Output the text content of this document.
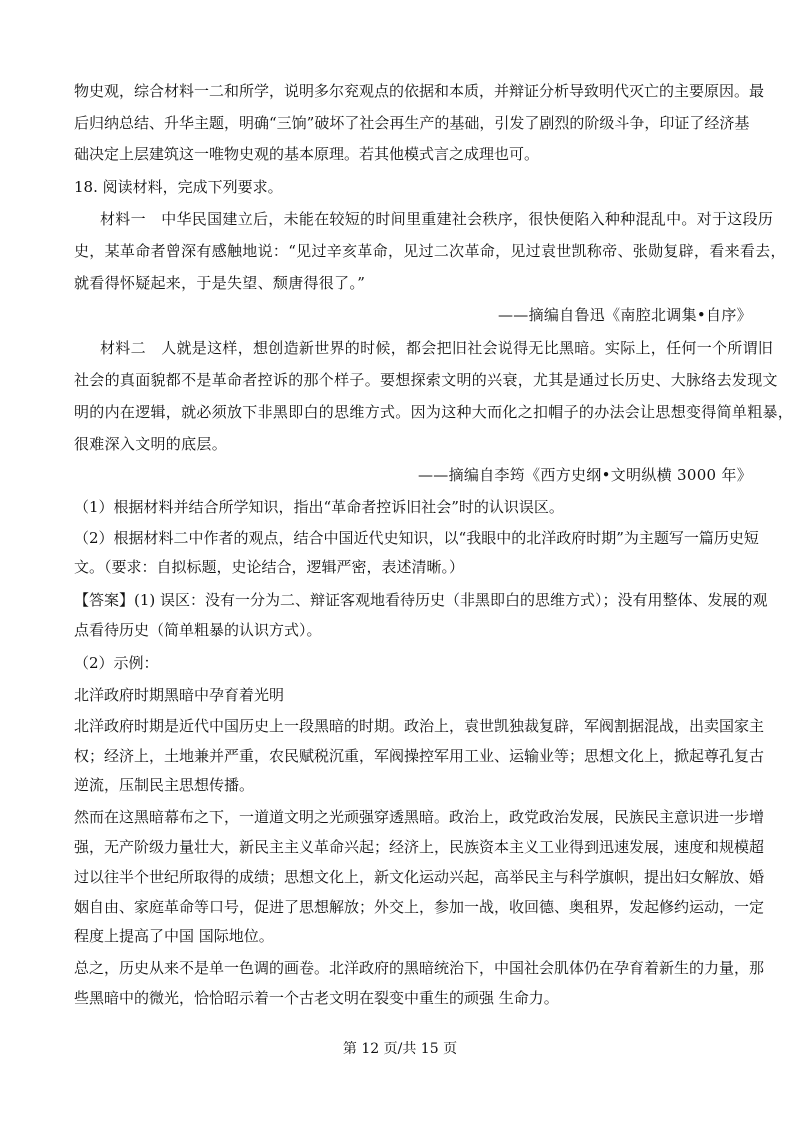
物史观，综合材料一二和所学，说明多尔兖观点的依据和本质，并辩证分析导致明代灭亡的主要原因。最
后归纳总结、升华主题，明确“三饷”破坏了社会再生产的基础，引发了剧烈的阶级斗争，印证了经济基
础决定上层建筑这一唯物史观的基本原理。若其他模式言之成理也可。
18. 阅读材料，完成下列要求。
材料一　中华民国建立后，未能在较短的时间里重建社会秩序，很快便陷入种种混乱中。对于这段历
史，某革命者曾深有感触地说：“见过辛亥革命，见过二次革命，见过袁世凯称帝、张勋复辟，看来看去，
就看得怀疑起来，于是失望、颓唐得很了。”
——摘编自鲁迅《南腔北调集•自序》
材料二　人就是这样，想创造新世界的时候，都会把旧社会说得无比黑暗。实际上，任何一个所谓旧
社会的真面貌都不是革命者控诉的那个样子。要想探索文明的兴衰，尤其是通过长历史、大脉络去发现文
明的内在逻辑，就必须放下非黑即白的思维方式。因为这种大而化之扣帽子的办法会让思想变得简单粗暴，
很难深入文明的底层。
——摘编自李筠《西方史纲•文明纵横 3000 年》
（1）根据材料并结合所学知识，指出“革命者控诉旧社会”时的认识误区。
（2）根据材料二中作者的观点，结合中国近代史知识，以“我眼中的北洋政府时期”为主题写一篇历史短
文。（要求：自拟标题，史论结合，逻辑严密，表述清晰。）
【答案】(1) 误区：没有一分为二、辩证客观地看待历史（非黑即白的思维方式）；没有用整体、发展的观
点看待历史（简单粗暴的认识方式）。
（2）示例：
北洋政府时期黑暗中孕育着光明
北洋政府时期是近代中国历史上一段黑暗的时期。政治上，袁世凯独裁复辟，军阀割据混战，出卖国家主
权；经济上，土地兼并严重，农民赋税沉重，军阀操控军用工业、运输业等；思想文化上，掀起尊孔复古
逆流，压制民主思想传播。
然而在这黑暗幕布之下，一道道文明之光顽强穿透黑暗。政治上，政党政治发展，民族民主意识进一步增
强，无产阶级力量壮大，新民主主义革命兴起；经济上，民族资本主义工业得到迅速发展，速度和规模超
过以往半个世纪所取得的成绩；思想文化上，新文化运动兴起，高举民主与科学旗帜，提出妇女解放、婚
姻自由、家庭革命等口号，促进了思想解放；外交上，参加一战，收回德、奥租界，发起修约运动，一定
程度上提高了中国 国际地位。
总之，历史从来不是单一色调的画卷。北洋政府的黑暗统治下，中国社会肌体仍在孕育着新生的力量，那
些黑暗中的微光，恰恰昭示着一个古老文明在裂变中重生的顽强 生命力。
第 12 页/共 15 页
